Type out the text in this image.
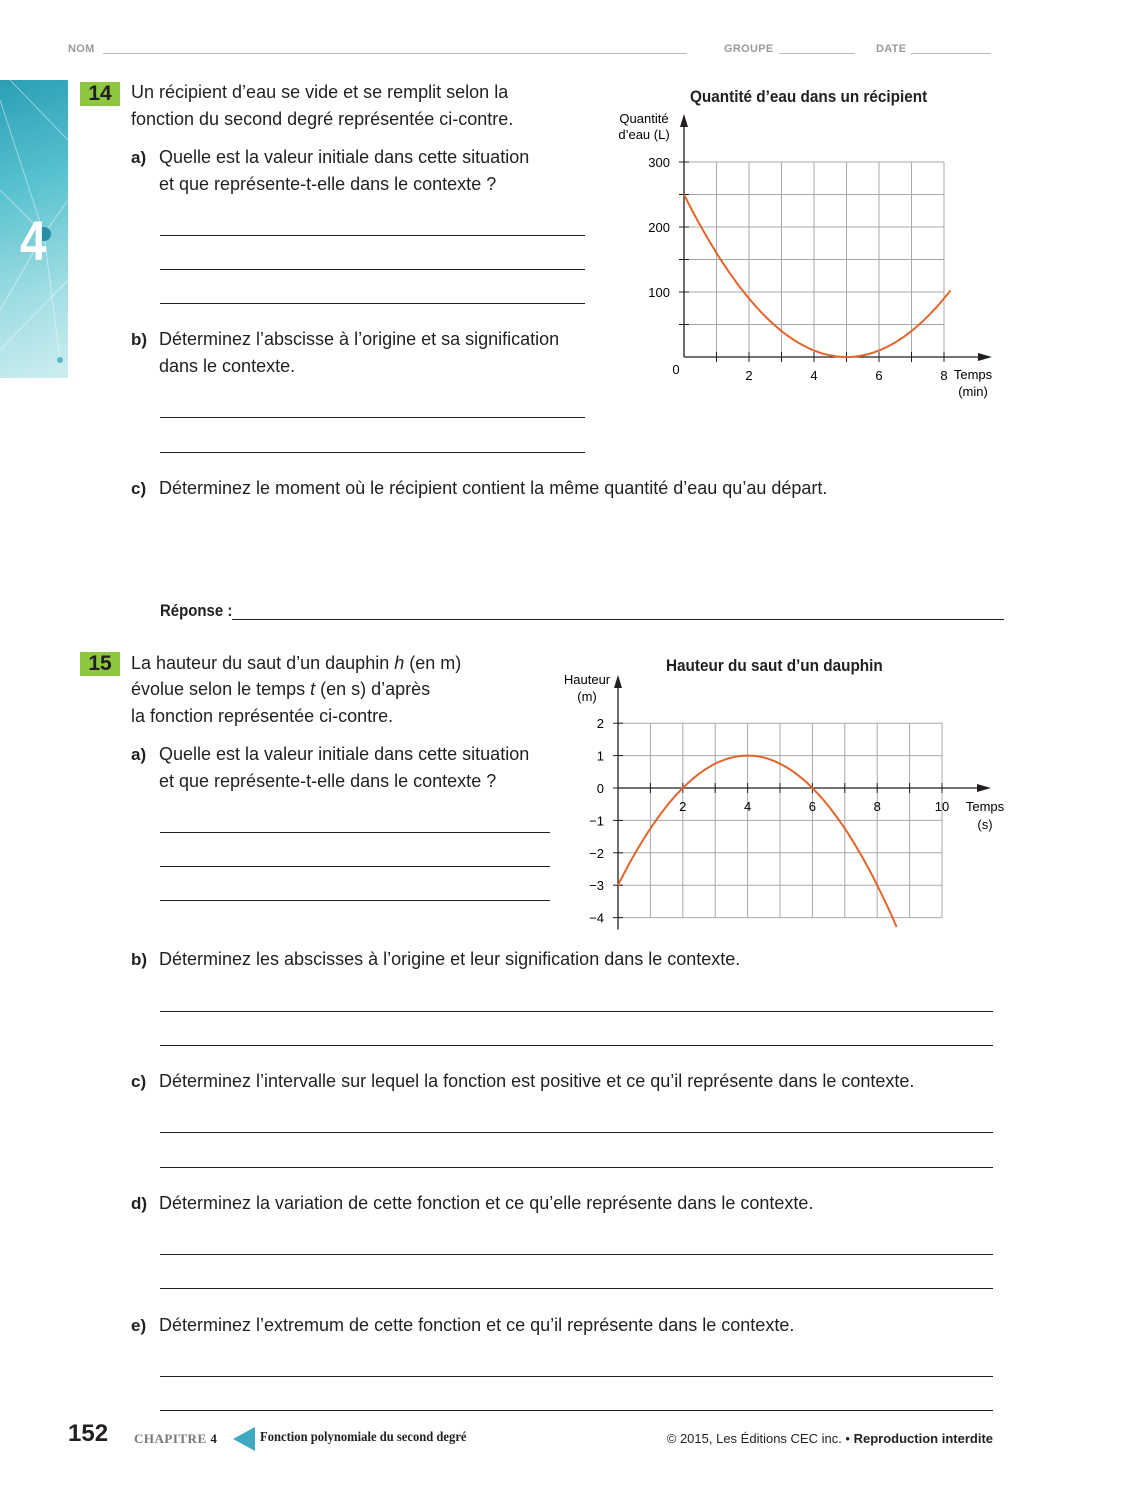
NOM	GROUPE	DATE
4
14	Un récipient d’eau se vide et se remplit selon la
fonction du second degré représentée ci-contre.
a) Quelle est la valeur initiale dans cette situation
et que représente-t-elle dans le contexte ?
b) Déterminez l’abscisse à l’origine et sa signification
dans le contexte.
c) Déterminez le moment où le récipient contient la même quantité d’eau qu’au départ.
Réponse :
Quantité d’eau dans un récipient
2	4	6	8
100
200
300
Quantité
d’eau (L)
Temps
(min)
0
15	La hauteur du saut d’un dauphin h (en m)
évolue selon le temps t (en s) d’après
la fonction représentée ci-contre.
a) Quelle est la valeur initiale dans cette situation
et que représente-t-elle dans le contexte ?
Hauteur du saut d’un dauphin
2	4	6	8	10
2
1
0
−1
−2
−3
−4
Hauteur
(m)
Temps
(s)
b) Déterminez les abscisses à l’origine et leur signification dans le contexte.
c) Déterminez l’intervalle sur lequel la fonction est positive et ce qu’il représente dans le contexte.
d) Déterminez la variation de cette fonction et ce qu’elle représente dans le contexte.
e) Déterminez l’extremum de cette fonction et ce qu’il représente dans le contexte.
152 CHAPITRE 4	Fonction polynomiale du second degré	© 2015, Les Éditions CEC inc. • Reproduction interdite
